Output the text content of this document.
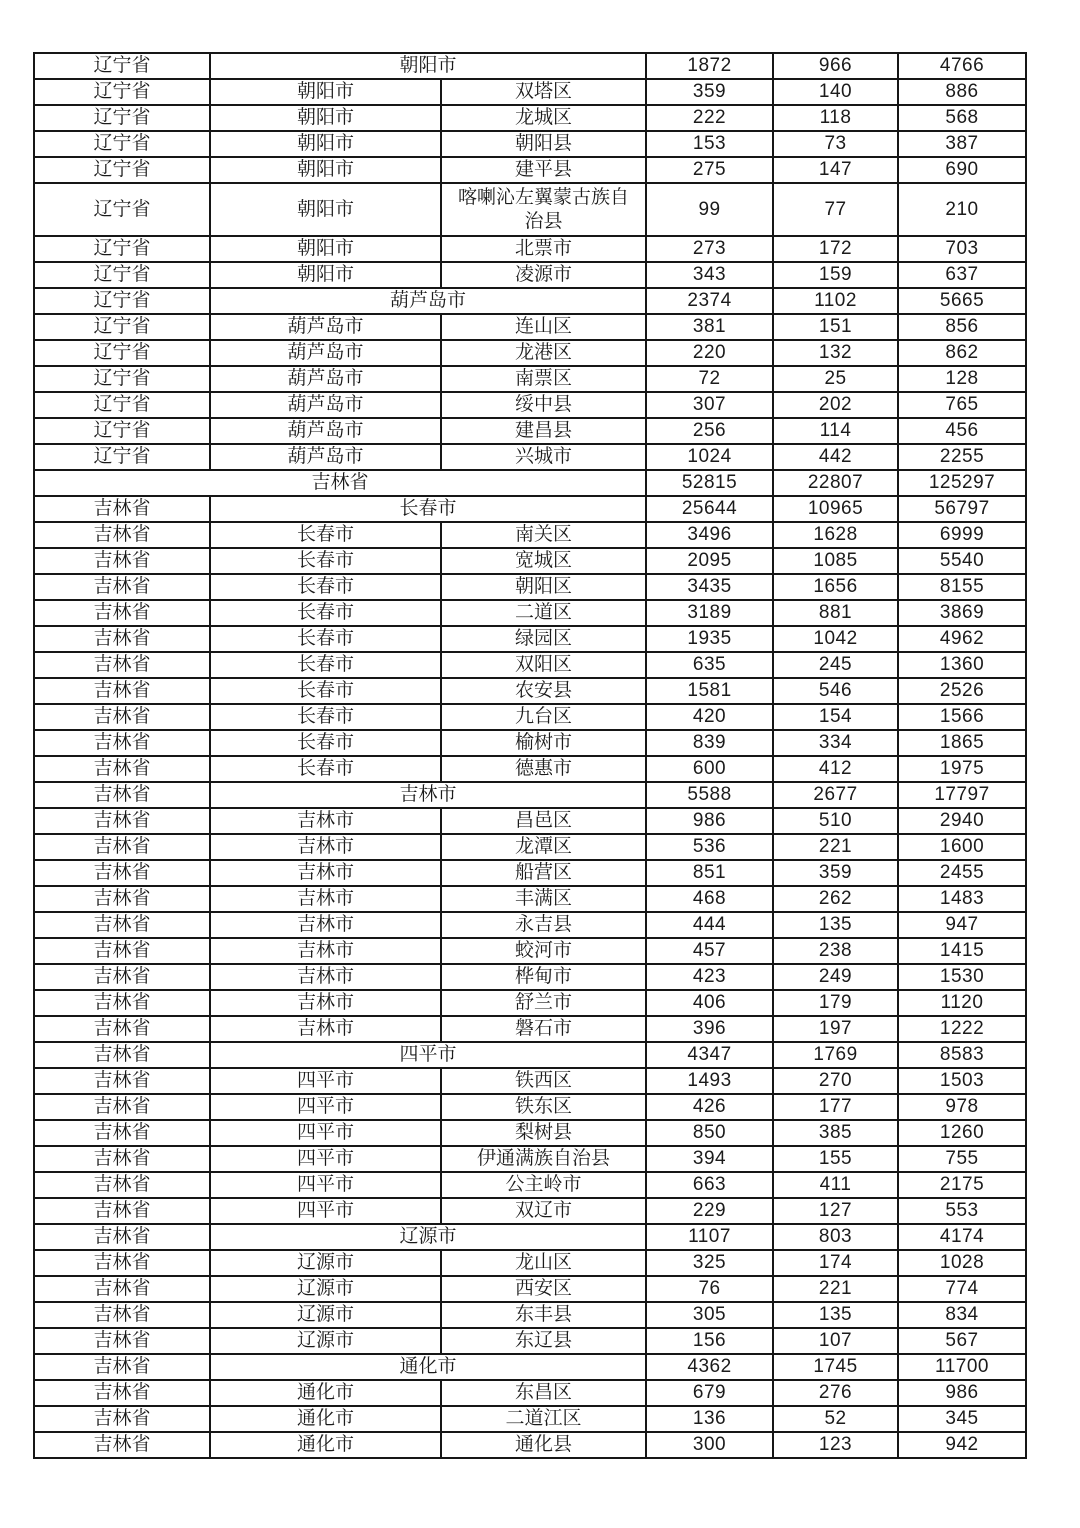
辽宁省	朝阳市		1872	966	4766
辽宁省	朝阳市	双塔区	359	140	886
辽宁省	朝阳市	龙城区	222	118	568
辽宁省	朝阳市	朝阳县	153	73	387
辽宁省	朝阳市	建平县	275	147	690
辽宁省	朝阳市	喀喇沁左翼蒙古族自治县	99	77	210
辽宁省	朝阳市	北票市	273	172	703
辽宁省	朝阳市	凌源市	343	159	637
辽宁省	葫芦岛市		2374	1102	5665
辽宁省	葫芦岛市	连山区	381	151	856
辽宁省	葫芦岛市	龙港区	220	132	862
辽宁省	葫芦岛市	南票区	72	25	128
辽宁省	葫芦岛市	绥中县	307	202	765
辽宁省	葫芦岛市	建昌县	256	114	456
辽宁省	葫芦岛市	兴城市	1024	442	2255
吉林省			52815	22807	125297
吉林省	长春市		25644	10965	56797
吉林省	长春市	南关区	3496	1628	6999
吉林省	长春市	宽城区	2095	1085	5540
吉林省	长春市	朝阳区	3435	1656	8155
吉林省	长春市	二道区	3189	881	3869
吉林省	长春市	绿园区	1935	1042	4962
吉林省	长春市	双阳区	635	245	1360
吉林省	长春市	农安县	1581	546	2526
吉林省	长春市	九台区	420	154	1566
吉林省	长春市	榆树市	839	334	1865
吉林省	长春市	德惠市	600	412	1975
吉林省	吉林市		5588	2677	17797
吉林省	吉林市	昌邑区	986	510	2940
吉林省	吉林市	龙潭区	536	221	1600
吉林省	吉林市	船营区	851	359	2455
吉林省	吉林市	丰满区	468	262	1483
吉林省	吉林市	永吉县	444	135	947
吉林省	吉林市	蛟河市	457	238	1415
吉林省	吉林市	桦甸市	423	249	1530
吉林省	吉林市	舒兰市	406	179	1120
吉林省	吉林市	磐石市	396	197	1222
吉林省	四平市		4347	1769	8583
吉林省	四平市	铁西区	1493	270	1503
吉林省	四平市	铁东区	426	177	978
吉林省	四平市	梨树县	850	385	1260
吉林省	四平市	伊通满族自治县	394	155	755
吉林省	四平市	公主岭市	663	411	2175
吉林省	四平市	双辽市	229	127	553
吉林省	辽源市		1107	803	4174
吉林省	辽源市	龙山区	325	174	1028
吉林省	辽源市	西安区	76	221	774
吉林省	辽源市	东丰县	305	135	834
吉林省	辽源市	东辽县	156	107	567
吉林省	通化市		4362	1745	11700
吉林省	通化市	东昌区	679	276	986
吉林省	通化市	二道江区	136	52	345
吉林省	通化市	通化县	300	123	942
